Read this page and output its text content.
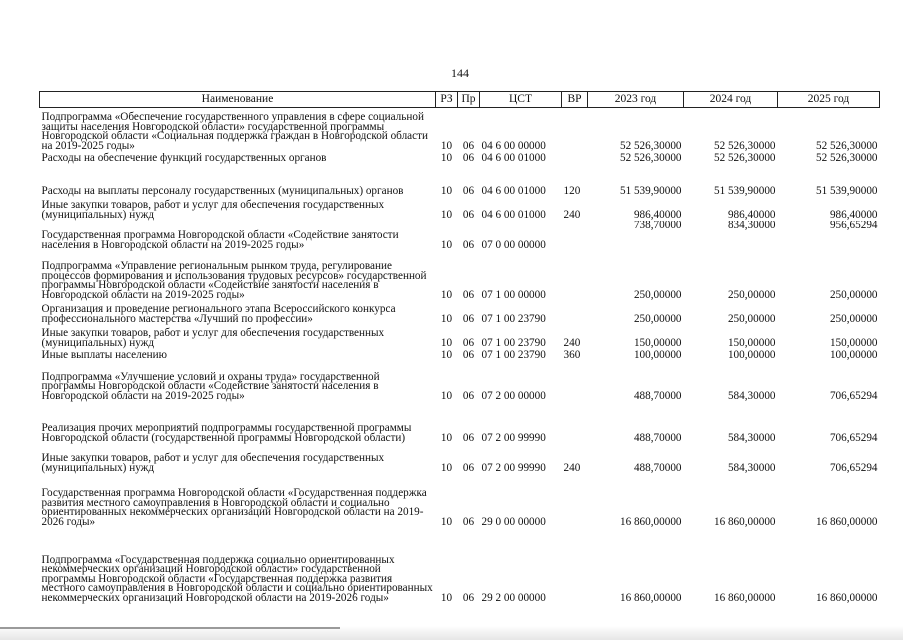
144
Наименование	РЗ	Пр	ЦСТ	ВР	2023 год	2024 год	2025 год
Подпрограмма «Обеспечение государственного управления в сфере социальной защиты населения Новгородской области» государственной программы Новгородской области «Социальная поддержка граждан в Новгородской области на 2019-2025 годы»	10	06	04 6 00 00000		52 526,30000	52 526,30000	52 526,30000
Расходы на обеспечение функций государственных органов	10	06	04 6 00 01000		52 526,30000	52 526,30000	52 526,30000
Расходы на выплаты персоналу государственных (муниципальных) органов	10	06	04 6 00 01000	120	51 539,90000	51 539,90000	51 539,90000
Иные закупки товаров, работ и услуг для обеспечения государственных (муниципальных) нужд	10	06	04 6 00 01000	240	986,40000	986,40000	986,40000
Государственная программа Новгородской области «Содействие занятости населения в Новгородской области на 2019-2025 годы»	10	06	07 0 00 00000		738,70000	834,30000	956,65294
Подпрограмма «Управление региональным рынком труда, регулирование процессов формирования и использования трудовых ресурсов» государственной программы Новгородской области «Содействие занятости населения в Новгородской области на 2019-2025 годы»	10	06	07 1 00 00000		250,00000	250,00000	250,00000
Организация и проведение регионального этапа Всероссийского конкурса профессионального мастерства «Лучший по профессии»	10	06	07 1 00 23790		250,00000	250,00000	250,00000
Иные закупки товаров, работ и услуг для обеспечения государственных (муниципальных) нужд	10	06	07 1 00 23790	240	150,00000	150,00000	150,00000
Иные выплаты населению	10	06	07 1 00 23790	360	100,00000	100,00000	100,00000
Подпрограмма «Улучшение условий и охраны труда» государственной программы Новгородской области «Содействие занятости населения в Новгородской области на 2019-2025 годы»	10	06	07 2 00 00000		488,70000	584,30000	706,65294
Реализация прочих мероприятий подпрограммы государственной программы Новгородской области (государственной программы Новгородской области)	10	06	07 2 00 99990		488,70000	584,30000	706,65294
Иные закупки товаров, работ и услуг для обеспечения государственных (муниципальных) нужд	10	06	07 2 00 99990	240	488,70000	584,30000	706,65294
Государственная программа Новгородской области «Государственная поддержка развития местного самоуправления в Новгородской области и социально ориентированных некоммерческих организаций Новгородской области на 2019-2026 годы»	10	06	29 0 00 00000		16 860,00000	16 860,00000	16 860,00000
Подпрограмма «Государственная поддержка социально ориентированных некоммерческих организаций Новгородской области» государственной программы Новгородской области «Государственная поддержка развития местного самоуправления в Новгородской области и социально ориентированных некоммерческих организаций Новгородской области на 2019-2026 годы»	10	06	29 2 00 00000		16 860,00000	16 860,00000	16 860,00000
